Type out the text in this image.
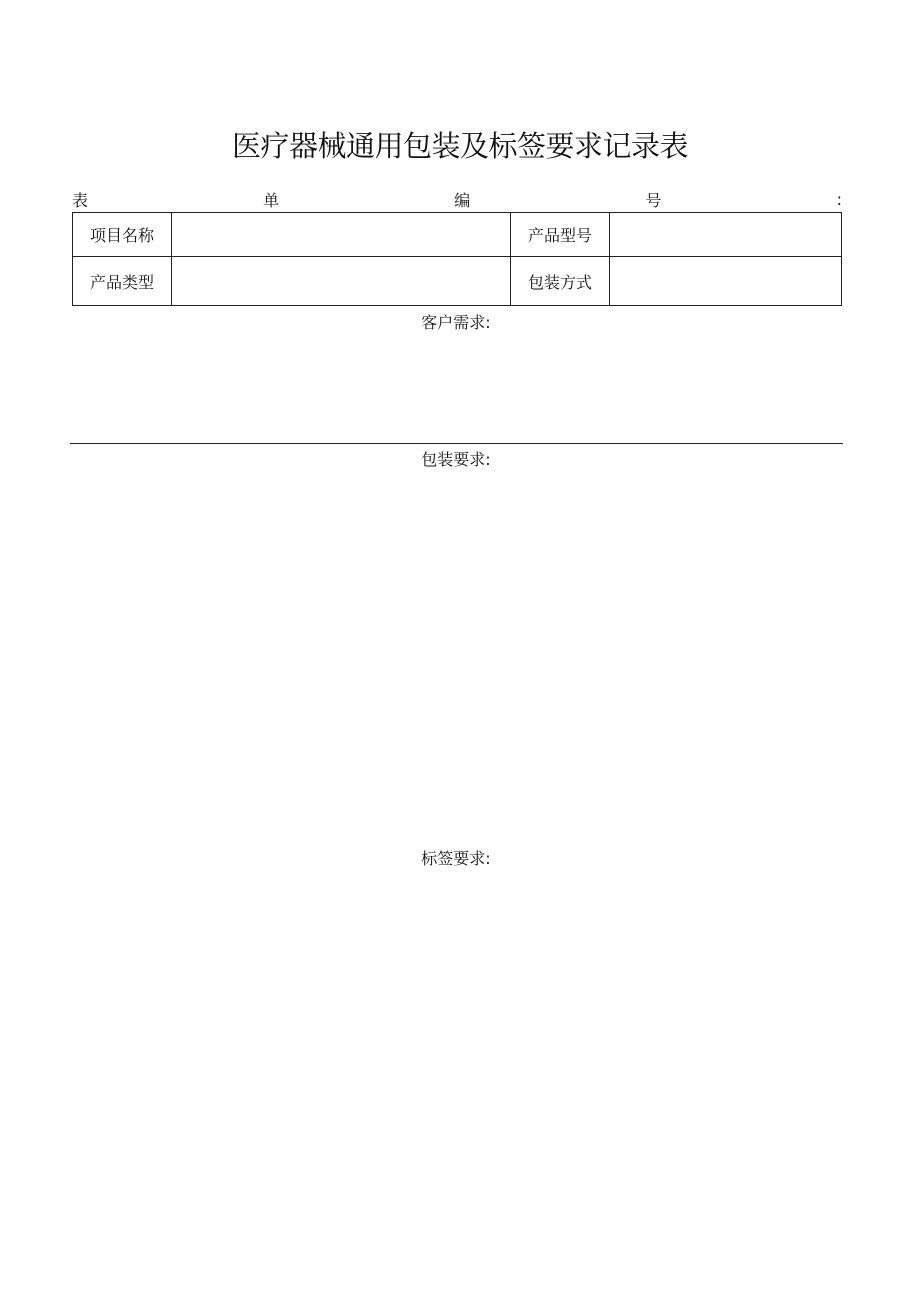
医疗器械通用包装及标签要求记录表
表	单	编	号	:
项目名称		产品型号	
产品类型		包装方式	
客户需求:
包装要求:
标签要求:
